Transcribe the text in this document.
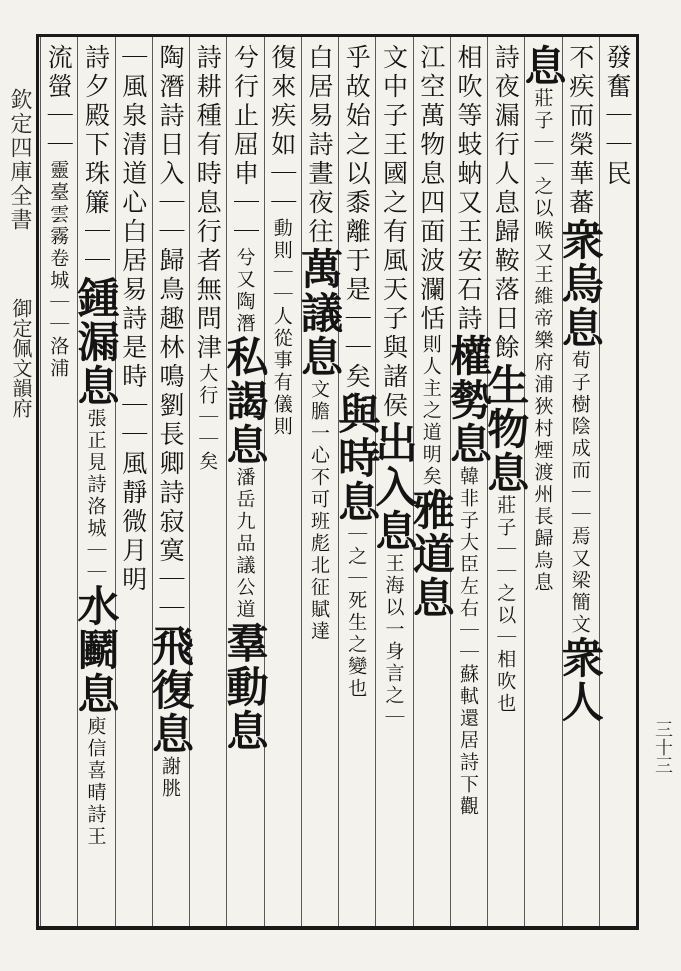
欽定四庫全書
御定佩文韻府
三十三
發奮｜｜民
不疾而榮華蕃衆烏息荀子樹陰成而｜｜焉又梁簡文衆人
息莊子｜｜之以喉又王維帝樂府浦狹村煙渡州長歸烏息
詩夜漏行人息歸鞍落日餘生物息莊子｜｜之以｜相吹也
相吹等蚑蚋又王安石詩權勢息韓非子大臣左右｜｜蘇軾還居詩下觀
江空萬物息四面波瀾恬則人主之道明矣雅道息
文中子王國之有風天子與諸侯出入息王海以一身言之｜
乎故始之以黍離于是｜｜矣與時息｜之｜死生之變也
白居易詩晝夜往萬議息文膽一心不可班彪北征賦達
復來疾如｜｜動則｜｜人從事有儀則
兮行止屈申｜｜兮又陶潛私謁息潘岳九品議公道羣動息
詩耕種有時息行者無問津大行｜｜矣
陶潛詩日入｜｜歸鳥趣林鳴劉長卿詩寂寞｜｜飛復息謝朓
｜風泉清道心白居易詩是時｜｜風靜微月明
詩夕殿下珠簾｜｜鍾漏息張正見詩洛城｜｜水鬬息庾信喜晴詩王
流螢｜｜靈臺雲霧卷城｜｜洛浦
